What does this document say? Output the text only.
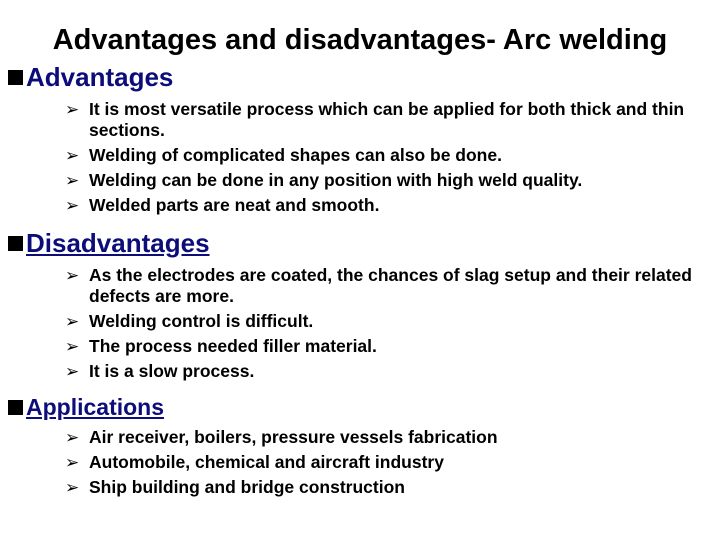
Advantages and disadvantages- Arc welding
Advantages
➢ It is most versatile process which can be applied for both thick and thin sections.
➢ Welding of complicated shapes can also be done.
➢ Welding can be done in any position with high weld quality.
➢ Welded parts are neat and smooth.
Disadvantages
➢ As the electrodes are coated, the chances of slag setup and their related defects are more.
➢ Welding control is difficult.
➢ The process needed filler material.
➢ It is a slow process.
Applications
➢ Air receiver, boilers, pressure vessels fabrication
➢ Automobile, chemical and aircraft industry
➢ Ship building and bridge construction
